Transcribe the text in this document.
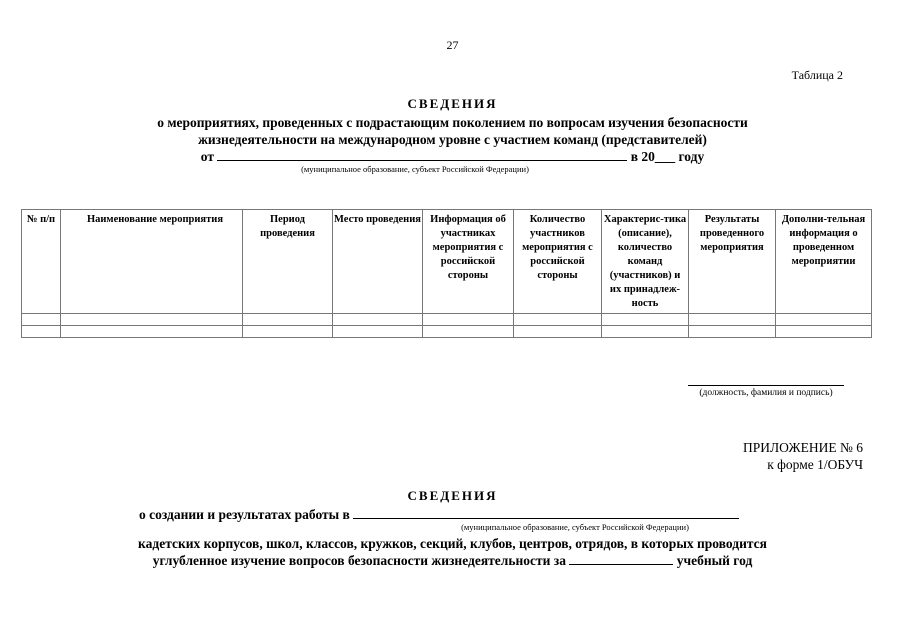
27
Таблица 2
СВЕДЕНИЯ
о мероприятиях, проведенных с подрастающим поколением по вопросам изучения безопасности
жизнедеятельности на международном уровне с участием команд (представителей)
от	в 20___ году
(муниципальное образование, субъект Российской Федерации)
№ п/п	Наименование мероприятия	Период проведения	Место проведения	Информация об участниках мероприятия с российской стороны	Количество участников мероприятия с российской стороны	Характерис-тика (описание), количество команд (участников) и их принадлеж-ность	Результаты проведенного мероприятия	Дополни-тельная информация о проведенном мероприятии

(должность, фамилия и подпись)
ПРИЛОЖЕНИЕ № 6
к форме 1/ОБУЧ
СВЕДЕНИЯ
о создании и результатах работы в
(муниципальное образование, субъект Российской Федерации)
кадетских корпусов, школ, классов, кружков, секций, клубов, центров, отрядов, в которых проводится
углубленное изучение вопросов безопасности жизнедеятельности за	учебный год
